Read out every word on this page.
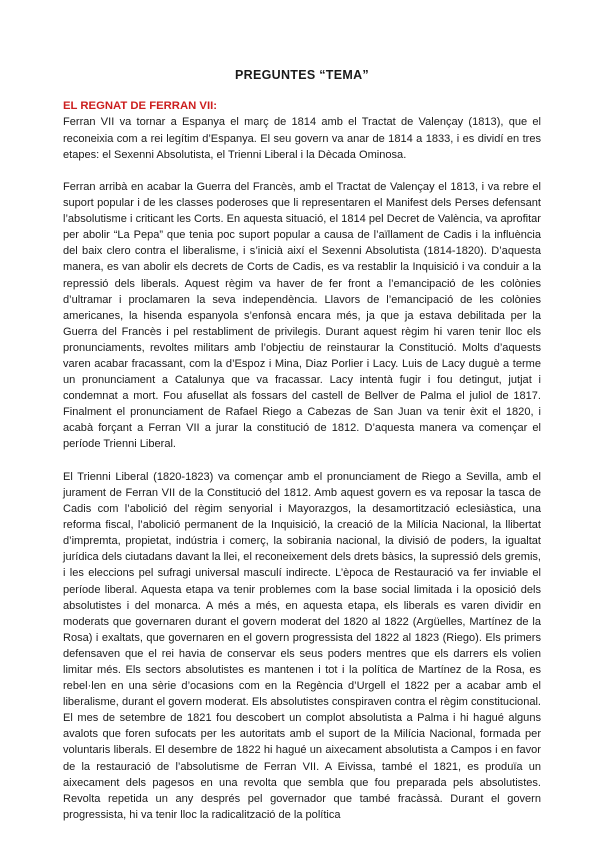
PREGUNTES “TEMA”
EL REGNAT DE FERRAN VII:

Ferran VII va tornar a Espanya el març de 1814 amb el Tractat de Valençay (1813), que el reconeixia com a rei legítim d’Espanya. El seu govern va anar de 1814 a 1833, i es dividí en tres etapes: el Sexenni Absolutista, el Trienni Liberal i la Dècada Ominosa.

Ferran arribà en acabar la Guerra del Francès, amb el Tractat de Valençay el 1813, i va rebre el suport popular i de les classes poderoses que li representaren el Manifest dels Perses defensant l’absolutisme i criticant les Corts. En aquesta situació, el 1814 pel Decret de València, va aprofitar per abolir “La Pepa” que tenia poc suport popular a causa de l’aïllament de Cadis i la influència del baix clero contra el liberalisme, i s’inicià així el Sexenni Absolutista (1814-1820). D’aquesta manera, es van abolir els decrets de Corts de Cadis, es va restablir la Inquisició i va conduir a la repressió dels liberals. Aquest règim va haver de fer front a l’emancipació de les colònies d’ultramar i proclamaren la seva independència. Llavors de l’emancipació de les colònies americanes, la hisenda espanyola s’enfonsà encara més, ja que ja estava debilitada per la Guerra del Francès i pel restabliment de privilegis. Durant aquest règim hi varen tenir lloc els pronunciaments, revoltes militars amb l’objectiu de reinstaurar la Constitució. Molts d’aquests varen acabar fracassant, com la d’Espoz i Mina, Diaz Porlier i Lacy. Luis de Lacy duguè a terme un pronunciament a Catalunya que va fracassar. Lacy intentà fugir i fou detingut, jutjat i condemnat a mort. Fou afusellat als fossars del castell de Bellver de Palma el juliol de 1817. Finalment el pronunciament de Rafael Riego a Cabezas de San Juan va tenir èxit el 1820, i acabà forçant a Ferran VII a jurar la constitució de 1812. D’aquesta manera va començar el període Trienni Liberal.

El Trienni Liberal (1820-1823) va començar amb el pronunciament de Riego a Sevilla, amb el jurament de Ferran VII de la Constitució del 1812. Amb aquest govern es va reposar la tasca de Cadis com l’abolició del règim senyorial i Mayorazgos, la desamortització eclesiàstica, una reforma fiscal, l’abolició permanent de la Inquisició, la creació de la Milícia Nacional, la llibertat d’impremta, propietat, indústria i comerç, la sobirania nacional, la divisió de poders, la igualtat jurídica dels ciutadans davant la llei, el reconeixement dels drets bàsics, la supressió dels gremis, i les eleccions pel sufragi universal masculí indirecte. L’època de Restauració va fer inviable el període liberal. Aquesta etapa va tenir problemes com la base social limitada i la oposició dels absolutistes i del monarca. A més a més, en aquesta etapa, els liberals es varen dividir en moderats que governaren durant el govern moderat del 1820 al 1822 (Argüelles, Martínez de la Rosa) i exaltats, que governaren en el govern progressista del 1822 al 1823 (Riego). Els primers defensaven que el rei havia de conservar els seus poders mentres que els darrers els volien limitar més. Els sectors absolutistes es mantenen i tot i la política de Martínez de la Rosa, es rebel·len en una sèrie d’ocasions com en la Regència d’Urgell el 1822 per a acabar amb el liberalisme, durant el govern moderat. Els absolutistes conspiraven contra el règim constitucional. El mes de setembre de 1821 fou descobert un complot absolutista a Palma i hi hagué alguns avalots que foren sufocats per les autoritats amb el suport de la Milícia Nacional, formada per voluntaris liberals. El desembre de 1822 hi hagué un aixecament absolutista a Campos i en favor de la restauració de l’absolutisme de Ferran VII. A Eivissa, també el 1821, es produïa un aixecament dels pagesos en una revolta que sembla que fou preparada pels absolutistes. Revolta repetida un any després pel governador que també fracàssà. Durant el govern progressista, hi va tenir lloc la radicalització de la política
